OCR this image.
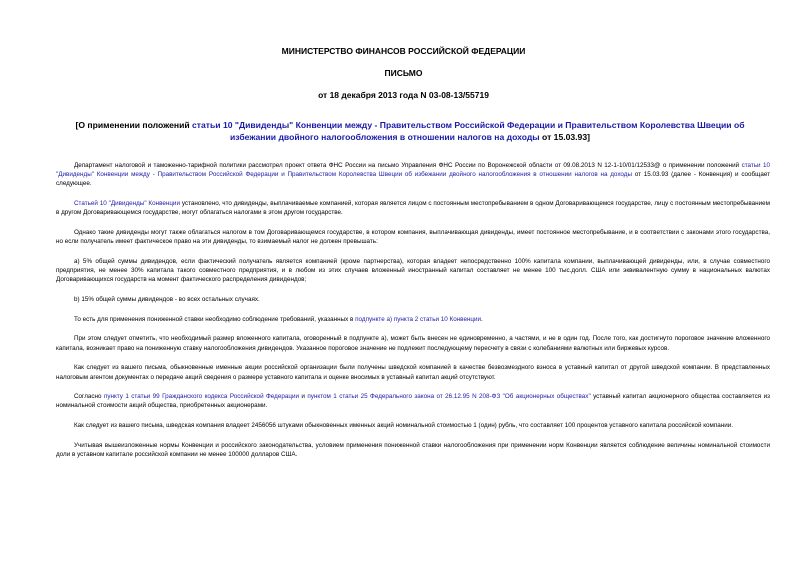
МИНИСТЕРСТВО ФИНАНСОВ РОССИЙСКОЙ ФЕДЕРАЦИИ

ПИСЬМО

от 18 декабря 2013 года N 03-08-13/55719

[О применении положений статьи 10 "Дивиденды" Конвенции между - Правительством Российской Федерации и Правительством Королевства Швеции об избежании двойного налогообложения в отношении налогов на доходы от 15.03.93]

Департамент налоговой и таможенно-тарифной политики рассмотрел проект ответа ФНС России на письмо Управления ФНС России по Воронежской области от 09.08.2013 N 12-1-10/01/12533@ о применении положений статьи 10 "Дивиденды" Конвенции между - Правительством Российской Федерации и Правительством Королевства Швеции об избежании двойного налогообложения в отношении налогов на доходы от 15.03.93 (далее - Конвенция) и сообщает следующее.

Статьей 10 "Дивиденды" Конвенции установлено, что дивиденды, выплачиваемые компанией, которая является лицом с постоянным местопребыванием в одном Договаривающемся государстве, лицу с постоянным местопребыванием в другом Договаривающемся государстве, могут облагаться налогами в этом другом государстве.

Однако такие дивиденды могут также облагаться налогом в том Договаривающемся государстве, в котором компания, выплачивающая дивиденды, имеет постоянное местопребывание, и в соответствии с законами этого государства, но если получатель имеет фактическое право на эти дивиденды, то взимаемый налог не должен превышать:

а) 5% общей суммы дивидендов, если фактический получатель является компанией (кроме партнерства), которая владеет непосредственно 100% капитала компании, выплачивающей дивиденды, или, в случае совместного предприятия, не менее 30% капитала такого совместного предприятия, и в любом из этих случаев вложенный иностранный капитал составляет не менее 100 тыс.долл. США или эквивалентную сумму в национальных валютах Договаривающихся государств на момент фактического распределения дивидендов;

b) 15% общей суммы дивидендов - во всех остальных случаях.

То есть для применения пониженной ставки необходимо соблюдение требований, указанных в подпункте а) пункта 2 статьи 10 Конвенции.

При этом следует отметить, что необходимый размер вложенного капитала, оговоренный в подпункте а), может быть внесен не единовременно, а частями, и не в один год. После того, как достигнуто пороговое значение вложенного капитала, возникает право на пониженную ставку налогообложения дивидендов. Указанное пороговое значение не подлежит последующему пересчету в связи с колебаниями валютных или биржевых курсов.

Как следует из вашего письма, обыкновенные именные акции российской организации были получены шведской компанией в качестве безвозмездного взноса в уставный капитал от другой шведской компании. В представленных налоговым агентом документах о передаче акций сведения о размере уставного капитала и оценке вносимых в уставный капитал акций отсутствуют.

Согласно пункту 1 статьи 99 Гражданского кодекса Российской Федерации и пунктом 1 статьи 25 Федерального закона от 26.12.95 N 208-ФЗ "Об акционерных обществах" уставный капитал акционерного общества составляется из номинальной стоимости акций общества, приобретенных акционерами.

Как следует из вашего письма, шведская компания владеет 2456056 штуками обыкновенных именных акций номинальной стоимостью 1 (один) рубль, что составляет 100 процентов уставного капитала российской компании.

Учитывая вышеизложенные нормы Конвенции и российского законодательства, условием применения пониженной ставки налогообложения при применении норм Конвенции является соблюдение величины номинальной стоимости доли в уставном капитале российской компании не менее 100000 долларов США.
